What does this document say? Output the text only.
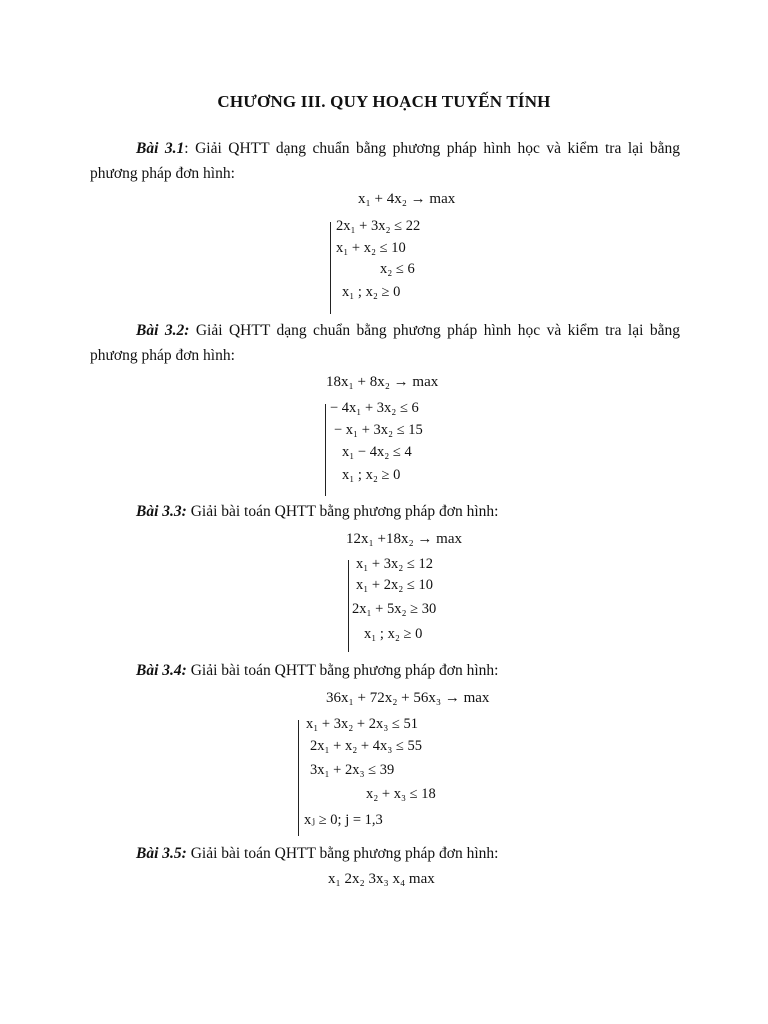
CHƯƠNG III. QUY HOẠCH TUYẾN TÍNH
Bài 3.1: Giải QHTT dạng chuẩn bằng phương pháp hình học và kiểm tra lại bằng phương pháp đơn hình:
x₁ + 4x₂ → max
2x₁ + 3x₂ ≤ 22
x₁ + x₂ ≤ 10
x₂ ≤ 6
x₁ ; x₂ ≥ 0
Bài 3.2: Giải QHTT dạng chuẩn bằng phương pháp hình học và kiểm tra lại bằng phương pháp đơn hình:
18x₁ + 8x₂ → max
− 4x₁ + 3x₂ ≤ 6
− x₁ + 3x₂ ≤ 15
x₁ − 4x₂ ≤ 4
x₁ ; x₂ ≥ 0
Bài 3.3: Giải bài toán QHTT bằng phương pháp đơn hình:
12x₁ +18x₂ → max
x₁ + 3x₂ ≤ 12
x₁ + 2x₂ ≤ 10
2x₁ + 5x₂ ≥ 30
x₁ ; x₂ ≥ 0
Bài 3.4: Giải bài toán QHTT bằng phương pháp đơn hình:
36x₁ + 72x₂ + 56x₃ → max
x₁ + 3x₂ + 2x₃ ≤ 51
2x₁ + x₂ + 4x₃ ≤ 55
3x₁ + 2x₃ ≤ 39
x₂ + x₃ ≤ 18
xⱼ ≥ 0; j = 1,3
Bài 3.5: Giải bài toán QHTT bằng phương pháp đơn hình:
x₁ 2x₂ 3x₃ x₄ max
